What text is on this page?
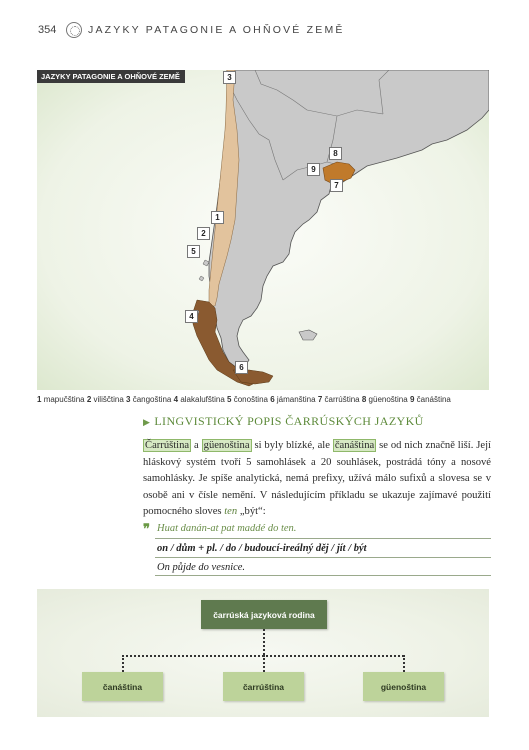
354	JAZYKY PATAGONIE A OHŇOVÉ ZEMĚ
3
1
2
5
4
6
8
9
7
JAZYKY PATAGONIE A OHŇOVÉ ZEMĚ
1 mapučština 2 viliščtina 3 čangoština 4 alakalufština 5 čonoština 6 jámanština 7 čarrúština 8 güenoština 9 čanáština
▶ LINGVISTICKÝ POPIS ČARRÚSKÝCH JAZYKŮ
Čarrúština a güenoština si byly blízké, ale čanáština se od nich značně liší. Její hláskový systém tvoří 5 samohlásek a 20 souhlásek, postrádá tóny a nosové samohlásky. Je spíše analytická, nemá prefixy, užívá málo sufixů a slovesa se v osobě ani v čísle nemění. V následujícím příkladu se ukazuje zajímavé použití pomocného sloves ten „být“:
❞ Huat danán-at pat maddé do ten.
on / dům + pl. / do / budoucí-ireálný děj / jít / být
On půjde do vesnice.
čarrúská jazyková rodina
čanáština	čarrúština	güenoština
